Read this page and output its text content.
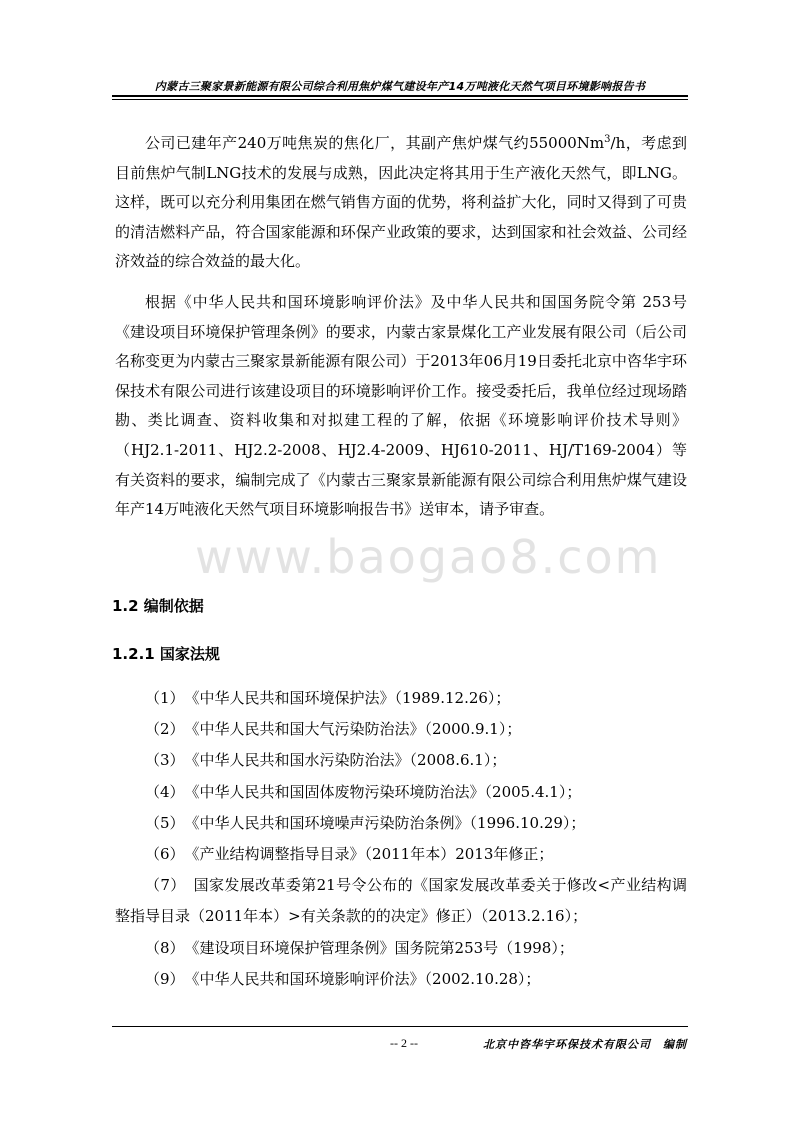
内蒙古三聚家景新能源有限公司综合利用焦炉煤气建设年产14万吨液化天然气项目环境影响报告书

公司已建年产240万吨焦炭的焦化厂，其副产焦炉煤气约55000Nm$^3$/h，考虑到目前焦炉气制LNG技术的发展与成熟，因此决定将其用于生产液化天然气，即LNG。这样，既可以充分利用集团在燃气销售方面的优势，将利益扩大化，同时又得到了可贵的清洁燃料产品，符合国家能源和环保产业政策的要求，达到国家和社会效益、公司经济效益的综合效益的最大化。

根据《中华人民共和国环境影响评价法》及中华人民共和国国务院令第 253号《建设项目环境保护管理条例》的要求，内蒙古家景煤化工产业发展有限公司（后公司名称变更为内蒙古三聚家景新能源有限公司）于2013年06月19日委托北京中咨华宇环保技术有限公司进行该建设项目的环境影响评价工作。接受委托后，我单位经过现场踏勘、类比调查、资料收集和对拟建工程的了解，依据《环境影响评价技术导则》（HJ2.1-2011、HJ2.2-2008、HJ2.4-2009、HJ610-2011、HJ/T169-2004）等有关资料的要求，编制完成了《内蒙古三聚家景新能源有限公司综合利用焦炉煤气建设年产14万吨液化天然气项目环境影响报告书》送审本，请予审查。

www.baogao8.com
1.2 编制依据
1.2.1 国家法规

（1）　《中华人民共和国环境保护法》（1989.12.26）；

（2）　《中华人民共和国大气污染防治法》（2000.9.1）；

（3）　《中华人民共和国水污染防治法》（2008.6.1）；

（4）　《中华人民共和国固体废物污染环境防治法》（2005.4.1）；

（5）　《中华人民共和国环境噪声污染防治条例》（1996.10.29）；

（6）　《产业结构调整指导目录》（2011年本）2013年修正；

（7）　国家发展改革委第21号令公布的《国家发展改革委关于修改<产业结构调整指导目录（2011年本）>有关条款的的决定》修正）（2013.2.16）；

（8）　《建设项目环境保护管理条例》国务院第253号（1998）；

（9）　《中华人民共和国环境影响评价法》（2002.10.28）；

-- 2 --	北京中咨华宇环保技术有限公司　编制
